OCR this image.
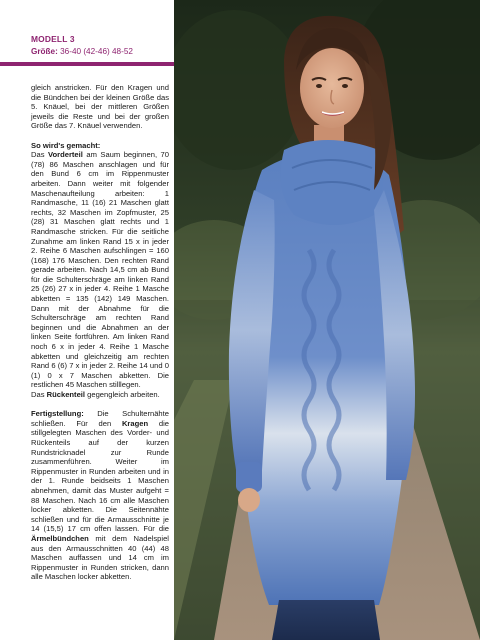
MODELL 3
Größe: 36-40 (42-46) 48-52

gleich anstricken. Für den Kragen und die Bündchen bei der kleinen Größe das 5. Knäuel, bei der mittleren Größen jeweils die Reste und bei der großen Größe das 7. Knäuel verwenden.

So wird's gemacht:
Das Vorderteil am Saum beginnen, 70 (78) 86 Maschen anschlagen und für den Bund 6 cm im Rippenmuster arbeiten. Dann weiter mit folgender Maschenaufteilung arbeiten: 1 Randmasche, 11 (16) 21 Maschen glatt rechts, 32 Maschen im Zopfmuster, 25 (28) 31 Maschen glatt rechts und 1 Randmasche stricken. Für die seitliche Zunahme am linken Rand 15 x in jeder 2. Reihe 6 Maschen aufschlingen = 160 (168) 176 Maschen. Den rechten Rand gerade arbeiten. Nach 14,5 cm ab Bund für die Schulterschräge am linken Rand 25 (26) 27 x in jeder 4. Reihe 1 Masche abketten = 135 (142) 149 Maschen. Dann mit der Abnahme für die Schulterschräge am rechten Rand beginnen und die Abnahmen an der linken Seite fortführen. Am linken Rand noch 6 x in jeder 4. Reihe 1 Masche abketten und gleichzeitig am rechten Rand 6 (6) 7 x in jeder 2. Reihe 14 und 0 (1) 0 x 7 Maschen abketten. Die restlichen 45 Maschen stilllegen.
Das Rückenteil gegengleich arbeiten.

Fertigstellung: Die Schulternähte schließen. Für den Kragen die stillgelegten Maschen des Vorder- und Rückenteils auf der kurzen Rundstricknadel zur Runde zusammenführen. Weiter im Rippenmuster in Runden arbeiten und in der 1. Runde beidseits 1 Maschen abnehmen, damit das Muster aufgeht = 88 Maschen. Nach 16 cm alle Maschen locker abketten. Die Seitennähte schließen und für die Armausschnitte je 14 (15,5) 17 cm offen lassen. Für die Ärmelbündchen mit dem Nadelspiel aus den Armausschnitten 40 (44) 48 Maschen auffassen und 14 cm im Rippenmuster in Runden stricken, dann alle Maschen locker abketten.
